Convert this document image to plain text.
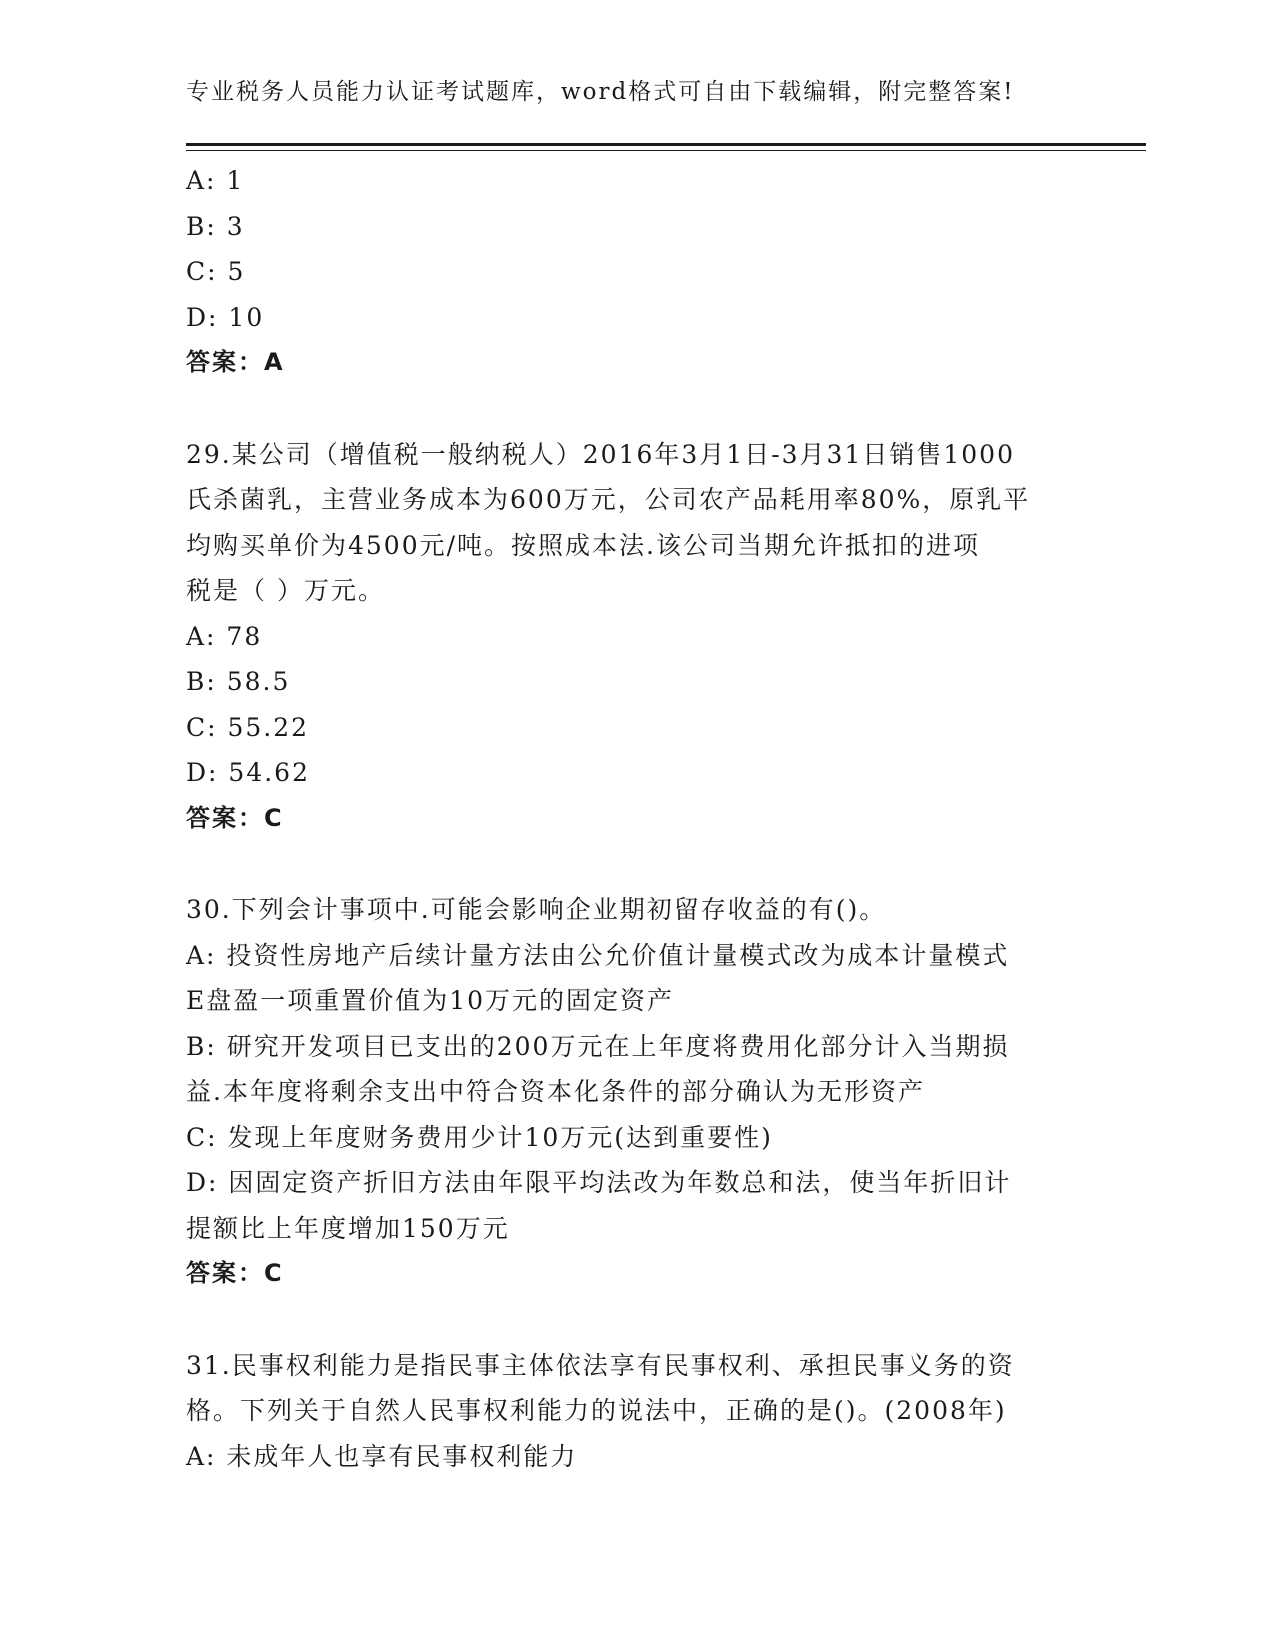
专业税务人员能力认证考试题库，word格式可自由下载编辑，附完整答案!
A: 1
B: 3
C: 5
D: 10
答案：A
29.某公司（增值税一般纳税人）2016年3月1日-3月31日销售1000
氏杀菌乳，主营业务成本为600万元，公司农产品耗用率80%，原乳平
均购买单价为4500元/吨。按照成本法.该公司当期允许抵扣的进项
税是（ ）万元。
A: 78
B: 58.5
C: 55.22
D: 54.62
答案：C
30.下列会计事项中.可能会影响企业期初留存收益的有()。
A: 投资性房地产后续计量方法由公允价值计量模式改为成本计量模式
E盘盈一项重置价值为10万元的固定资产
B: 研究开发项目已支出的200万元在上年度将费用化部分计入当期损
益.本年度将剩余支出中符合资本化条件的部分确认为无形资产
C: 发现上年度财务费用少计10万元(达到重要性)
D: 因固定资产折旧方法由年限平均法改为年数总和法，使当年折旧计
提额比上年度增加150万元
答案：C
31.民事权利能力是指民事主体依法享有民事权利、承担民事义务的资
格。下列关于自然人民事权利能力的说法中，正确的是()。(2008年)
A: 未成年人也享有民事权利能力
